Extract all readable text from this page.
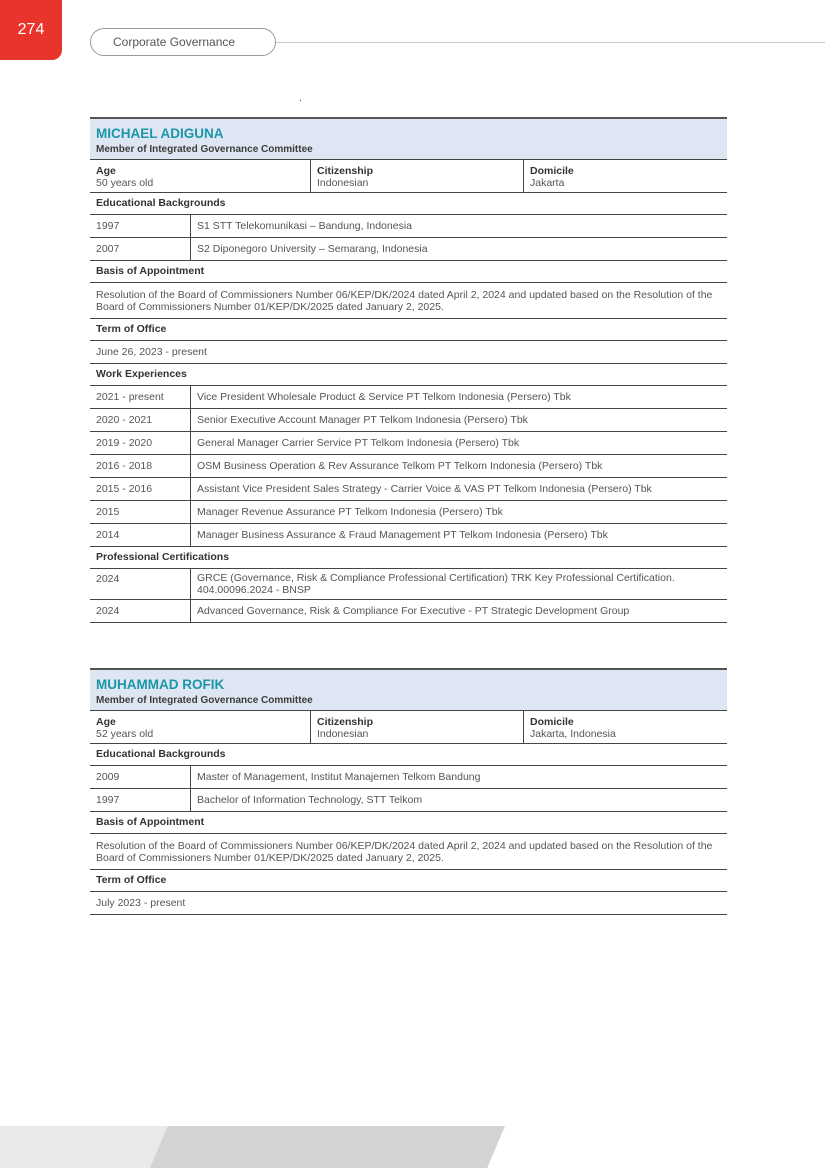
274
Corporate Governance
MICHAEL ADIGUNA
Member of Integrated Governance Committee
Age
50 years old
Citizenship
Indonesian
Domicile
Jakarta
Educational Backgrounds
1997	S1 STT Telekomunikasi – Bandung, Indonesia
2007	S2 Diponegoro University – Semarang, Indonesia
Basis of Appointment
Resolution of the Board of Commissioners Number 06/KEP/DK/2024 dated April 2, 2024 and updated based on the Resolution of the Board of Commissioners Number 01/KEP/DK/2025 dated January 2, 2025.
Term of Office
June 26, 2023 - present
Work Experiences
2021 - present	Vice President Wholesale Product & Service PT Telkom Indonesia (Persero) Tbk
2020 - 2021	Senior Executive Account Manager PT Telkom Indonesia (Persero) Tbk
2019 - 2020	General Manager Carrier Service PT Telkom Indonesia (Persero) Tbk
2016 - 2018	OSM Business Operation & Rev Assurance Telkom PT Telkom Indonesia (Persero) Tbk
2015 - 2016	Assistant Vice President Sales Strategy - Carrier Voice & VAS PT Telkom Indonesia (Persero) Tbk
2015	Manager Revenue Assurance PT Telkom Indonesia (Persero) Tbk
2014	Manager Business Assurance & Fraud Management PT Telkom Indonesia (Persero) Tbk
Professional Certifications
2024	GRCE (Governance, Risk & Compliance Professional Certification) TRK Key Professional Certification. 404.00096.2024 - BNSP
2024	Advanced Governance, Risk & Compliance For Executive - PT Strategic Development Group
MUHAMMAD ROFIK
Member of Integrated Governance Committee
Age
52 years old
Citizenship
Indonesian
Domicile
Jakarta, Indonesia
Educational Backgrounds
2009	Master of Management, Institut Manajemen Telkom Bandung
1997	Bachelor of Information Technology, STT Telkom
Basis of Appointment
Resolution of the Board of Commissioners Number 06/KEP/DK/2024 dated April 2, 2024 and updated based on the Resolution of the Board of Commissioners Number 01/KEP/DK/2025 dated January 2, 2025.
Term of Office
July 2023 - present
